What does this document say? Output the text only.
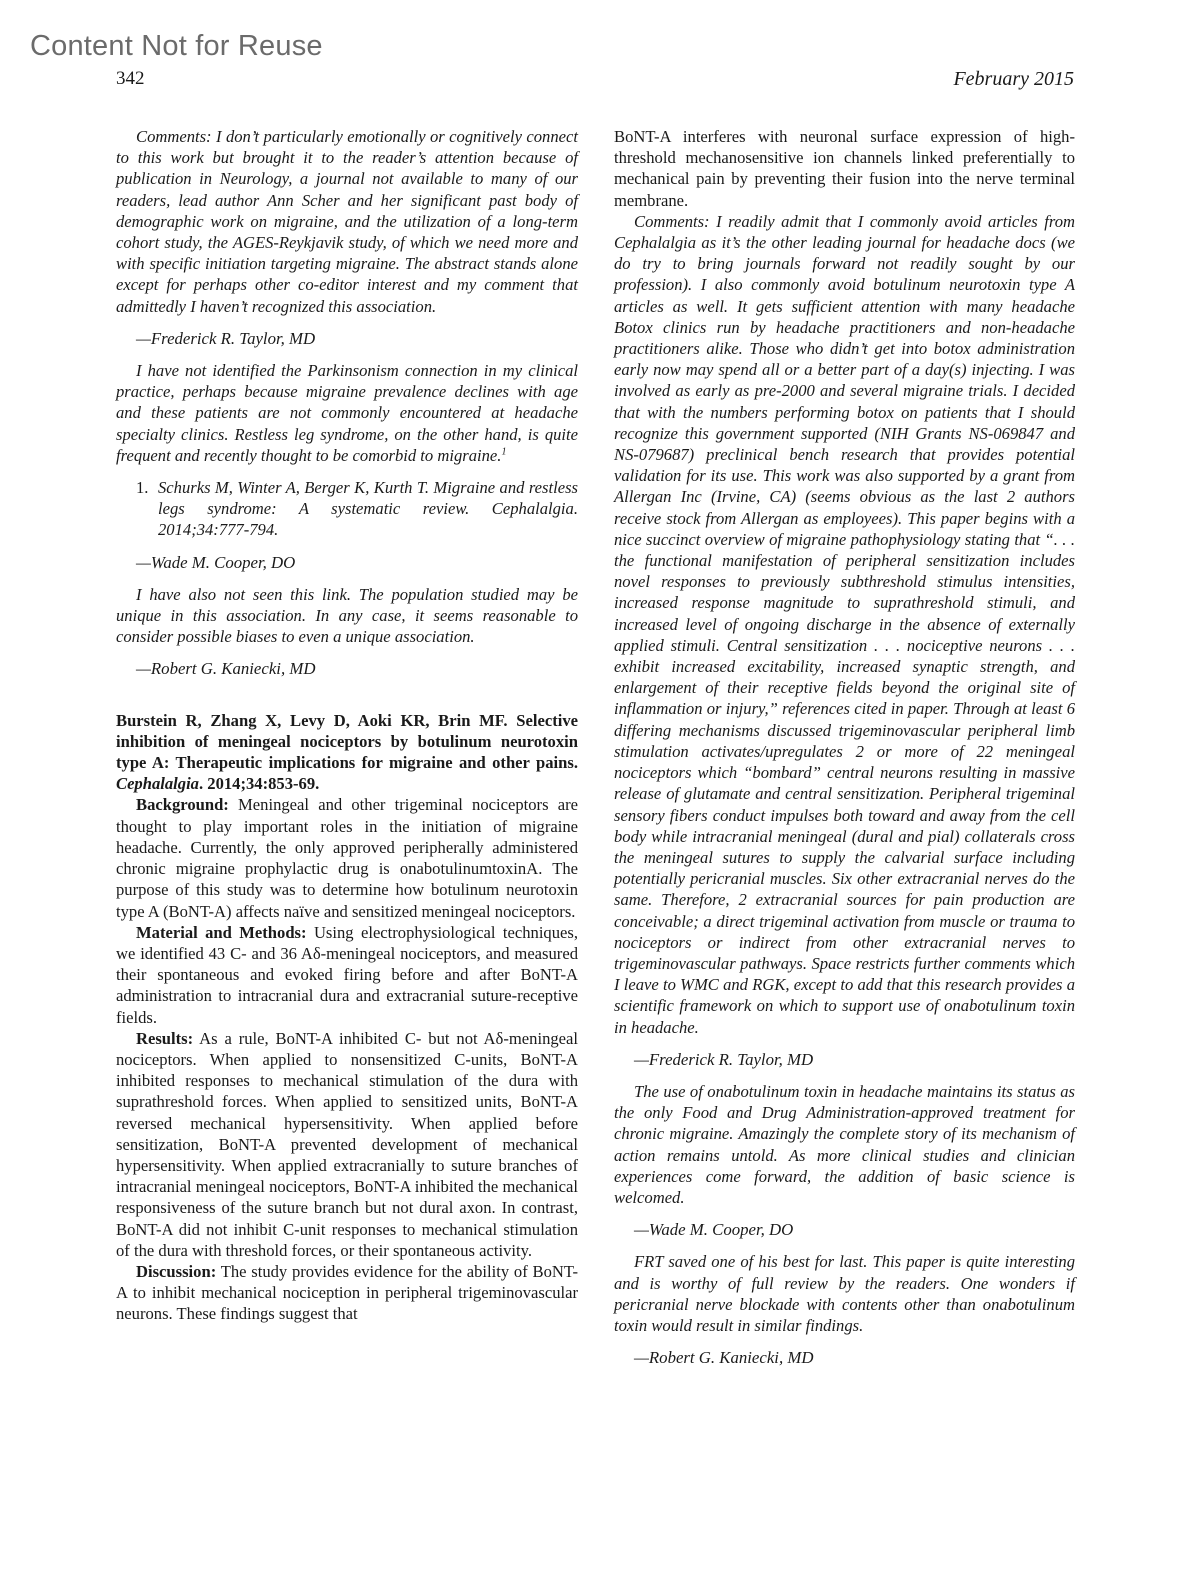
Content Not for Reuse
342	February 2015

Comments: I don’t particularly emotionally or cognitively connect to this work but brought it to the reader’s attention because of publication in Neurology, a journal not available to many of our readers, lead author Ann Scher and her significant past body of demographic work on migraine, and the utilization of a long-term cohort study, the AGES-Reykjavik study, of which we need more and with specific initiation targeting migraine. The abstract stands alone except for perhaps other co-editor interest and my comment that admittedly I haven’t recognized this association.

—Frederick R. Taylor, MD

I have not identified the Parkinsonism connection in my clinical practice, perhaps because migraine prevalence declines with age and these patients are not commonly encountered at headache specialty clinics. Restless leg syndrome, on the other hand, is quite frequent and recently thought to be comorbid to migraine.$^1$

1. Schurks M, Winter A, Berger K, Kurth T. Migraine and restless legs syndrome: A systematic review. Cephalalgia. 2014;34:777-794.

—Wade M. Cooper, DO

I have also not seen this link. The population studied may be unique in this association. In any case, it seems reasonable to consider possible biases to even a unique association.

—Robert G. Kaniecki, MD

Burstein R, Zhang X, Levy D, Aoki KR, Brin MF. Selective inhibition of meningeal nociceptors by botulinum neurotoxin type A: Therapeutic implications for migraine and other pains. Cephalalgia. 2014;34:853-69.

Background: Meningeal and other trigeminal nociceptors are thought to play important roles in the initiation of migraine headache. Currently, the only approved peripherally administered chronic migraine prophylactic drug is onabotulinumtoxinA. The purpose of this study was to determine how botulinum neurotoxin type A (BoNT-A) affects naïve and sensitized meningeal nociceptors.

Material and Methods: Using electrophysiological techniques, we identified 43 C- and 36 Aδ-meningeal nociceptors, and measured their spontaneous and evoked firing before and after BoNT-A administration to intracranial dura and extracranial suture-receptive fields.

Results: As a rule, BoNT-A inhibited C- but not Aδ-meningeal nociceptors. When applied to nonsensitized C-units, BoNT-A inhibited responses to mechanical stimulation of the dura with suprathreshold forces. When applied to sensitized units, BoNT-A reversed mechanical hypersensitivity. When applied before sensitization, BoNT-A prevented development of mechanical hypersensitivity. When applied extracranially to suture branches of intracranial meningeal nociceptors, BoNT-A inhibited the mechanical responsiveness of the suture branch but not dural axon. In contrast, BoNT-A did not inhibit C-unit responses to mechanical stimulation of the dura with threshold forces, or their spontaneous activity.

Discussion: The study provides evidence for the ability of BoNT-A to inhibit mechanical nociception in peripheral trigeminovascular neurons. These findings suggest that

BoNT-A interferes with neuronal surface expression of high-threshold mechanosensitive ion channels linked preferentially to mechanical pain by preventing their fusion into the nerve terminal membrane.

Comments: I readily admit that I commonly avoid articles from Cephalalgia as it’s the other leading journal for headache docs (we do try to bring journals forward not readily sought by our profession). I also commonly avoid botulinum neurotoxin type A articles as well. It gets sufficient attention with many headache Botox clinics run by headache practitioners and non-headache practitioners alike. Those who didn’t get into botox administration early now may spend all or a better part of a day(s) injecting. I was involved as early as pre-2000 and several migraine trials. I decided that with the numbers performing botox on patients that I should recognize this government supported (NIH Grants NS-069847 and NS-079687) preclinical bench research that provides potential validation for its use. This work was also supported by a grant from Allergan Inc (Irvine, CA) (seems obvious as the last 2 authors receive stock from Allergan as employees). This paper begins with a nice succinct overview of migraine pathophysiology stating that “. . . the functional manifestation of peripheral sensitization includes novel responses to previously subthreshold stimulus intensities, increased response magnitude to suprathreshold stimuli, and increased level of ongoing discharge in the absence of externally applied stimuli. Central sensitization . . . nociceptive neurons . . . exhibit increased excitability, increased synaptic strength, and enlargement of their receptive fields beyond the original site of inflammation or injury,” references cited in paper. Through at least 6 differing mechanisms discussed trigeminovascular peripheral limb stimulation activates/upregulates 2 or more of 22 meningeal nociceptors which “bombard” central neurons resulting in massive release of glutamate and central sensitization. Peripheral trigeminal sensory fibers conduct impulses both toward and away from the cell body while intracranial meningeal (dural and pial) collaterals cross the meningeal sutures to supply the calvarial surface including potentially pericranial muscles. Six other extracranial nerves do the same. Therefore, 2 extracranial sources for pain production are conceivable; a direct trigeminal activation from muscle or trauma to nociceptors or indirect from other extracranial nerves to trigeminovascular pathways. Space restricts further comments which I leave to WMC and RGK, except to add that this research provides a scientific framework on which to support use of onabotulinum toxin in headache.

—Frederick R. Taylor, MD

The use of onabotulinum toxin in headache maintains its status as the only Food and Drug Administration-approved treatment for chronic migraine. Amazingly the complete story of its mechanism of action remains untold. As more clinical studies and clinician experiences come forward, the addition of basic science is welcomed.

—Wade M. Cooper, DO

FRT saved one of his best for last. This paper is quite interesting and is worthy of full review by the readers. One wonders if pericranial nerve blockade with contents other than onabotulinum toxin would result in similar findings.

—Robert G. Kaniecki, MD
